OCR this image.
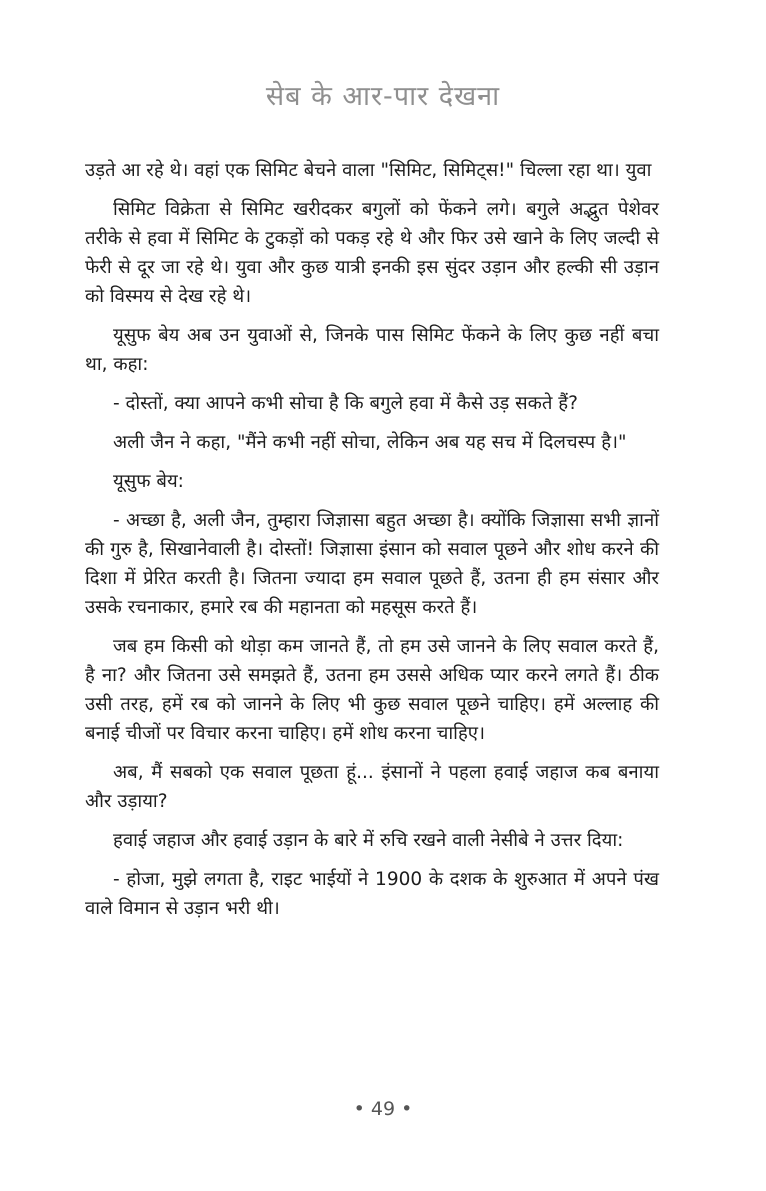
सेब के आर-पार देखना

उड़ते आ रहे थे। वहां एक सिमिट बेचने वाला "सिमिट, सिमिट्स!" चिल्ला रहा था। युवा

सिमिट विक्रेता से सिमिट खरीदकर बगुलों को फेंकने लगे। बगुले अद्भुत पेशेवर तरीके से हवा में सिमिट के टुकड़ों को पकड़ रहे थे और फिर उसे खाने के लिए जल्दी से फेरी से दूर जा रहे थे। युवा और कुछ यात्री इनकी इस सुंदर उड़ान और हल्की सी उड़ान को विस्मय से देख रहे थे।

यूसुफ बेय अब उन युवाओं से, जिनके पास सिमिट फेंकने के लिए कुछ नहीं बचा था, कहा:

- दोस्तों, क्या आपने कभी सोचा है कि बगुले हवा में कैसे उड़ सकते हैं?

अली जैन ने कहा, "मैंने कभी नहीं सोचा, लेकिन अब यह सच में दिलचस्प है।"

यूसुफ बेय:

- अच्छा है, अली जैन, तुम्हारा जिज्ञासा बहुत अच्छा है। क्योंकि जिज्ञासा सभी ज्ञानों की गुरु है, सिखानेवाली है। दोस्तों! जिज्ञासा इंसान को सवाल पूछने और शोध करने की दिशा में प्रेरित करती है। जितना ज्यादा हम सवाल पूछते हैं, उतना ही हम संसार और उसके रचनाकार, हमारे रब की महानता को महसूस करते हैं।

जब हम किसी को थोड़ा कम जानते हैं, तो हम उसे जानने के लिए सवाल करते हैं, है ना? और जितना उसे समझते हैं, उतना हम उससे अधिक प्यार करने लगते हैं। ठीक उसी तरह, हमें रब को जानने के लिए भी कुछ सवाल पूछने चाहिए। हमें अल्लाह की बनाई चीजों पर विचार करना चाहिए। हमें शोध करना चाहिए।

अब, मैं सबको एक सवाल पूछता हूं... इंसानों ने पहला हवाई जहाज कब बनाया और उड़ाया?

हवाई जहाज और हवाई उड़ान के बारे में रुचि रखने वाली नेसीबे ने उत्तर दिया:

- होजा, मुझे लगता है, राइट भाईयों ने 1900 के दशक के शुरुआत में अपने पंख वाले विमान से उड़ान भरी थी।

• 49 •
